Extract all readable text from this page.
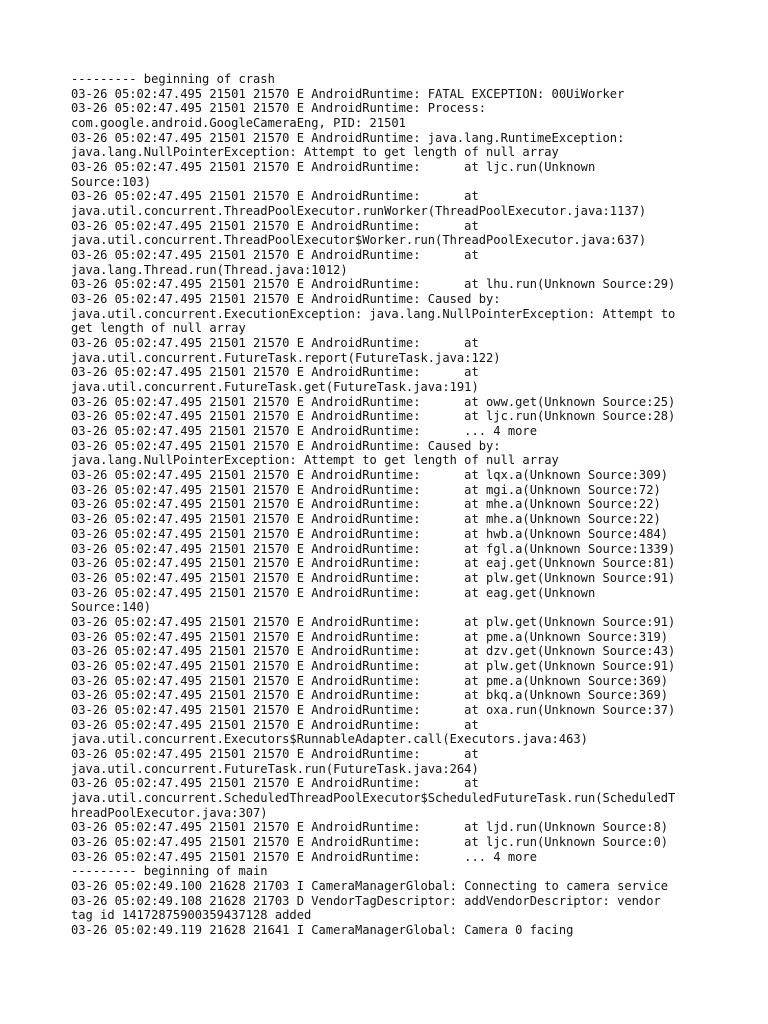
--------- beginning of crash
03-26 05:02:47.495 21501 21570 E AndroidRuntime: FATAL EXCEPTION: 00UiWorker
03-26 05:02:47.495 21501 21570 E AndroidRuntime: Process:
com.google.android.GoogleCameraEng, PID: 21501
03-26 05:02:47.495 21501 21570 E AndroidRuntime: java.lang.RuntimeException:
java.lang.NullPointerException: Attempt to get length of null array
03-26 05:02:47.495 21501 21570 E AndroidRuntime:      at ljc.run(Unknown
Source:103)
03-26 05:02:47.495 21501 21570 E AndroidRuntime:      at
java.util.concurrent.ThreadPoolExecutor.runWorker(ThreadPoolExecutor.java:1137)
03-26 05:02:47.495 21501 21570 E AndroidRuntime:      at
java.util.concurrent.ThreadPoolExecutor$Worker.run(ThreadPoolExecutor.java:637)
03-26 05:02:47.495 21501 21570 E AndroidRuntime:      at
java.lang.Thread.run(Thread.java:1012)
03-26 05:02:47.495 21501 21570 E AndroidRuntime:      at lhu.run(Unknown Source:29)
03-26 05:02:47.495 21501 21570 E AndroidRuntime: Caused by:
java.util.concurrent.ExecutionException: java.lang.NullPointerException: Attempt to
get length of null array
03-26 05:02:47.495 21501 21570 E AndroidRuntime:      at
java.util.concurrent.FutureTask.report(FutureTask.java:122)
03-26 05:02:47.495 21501 21570 E AndroidRuntime:      at
java.util.concurrent.FutureTask.get(FutureTask.java:191)
03-26 05:02:47.495 21501 21570 E AndroidRuntime:      at oww.get(Unknown Source:25)
03-26 05:02:47.495 21501 21570 E AndroidRuntime:      at ljc.run(Unknown Source:28)
03-26 05:02:47.495 21501 21570 E AndroidRuntime:      ... 4 more
03-26 05:02:47.495 21501 21570 E AndroidRuntime: Caused by:
java.lang.NullPointerException: Attempt to get length of null array
03-26 05:02:47.495 21501 21570 E AndroidRuntime:      at lqx.a(Unknown Source:309)
03-26 05:02:47.495 21501 21570 E AndroidRuntime:      at mgi.a(Unknown Source:72)
03-26 05:02:47.495 21501 21570 E AndroidRuntime:      at mhe.a(Unknown Source:22)
03-26 05:02:47.495 21501 21570 E AndroidRuntime:      at mhe.a(Unknown Source:22)
03-26 05:02:47.495 21501 21570 E AndroidRuntime:      at hwb.a(Unknown Source:484)
03-26 05:02:47.495 21501 21570 E AndroidRuntime:      at fgl.a(Unknown Source:1339)
03-26 05:02:47.495 21501 21570 E AndroidRuntime:      at eaj.get(Unknown Source:81)
03-26 05:02:47.495 21501 21570 E AndroidRuntime:      at plw.get(Unknown Source:91)
03-26 05:02:47.495 21501 21570 E AndroidRuntime:      at eag.get(Unknown
Source:140)
03-26 05:02:47.495 21501 21570 E AndroidRuntime:      at plw.get(Unknown Source:91)
03-26 05:02:47.495 21501 21570 E AndroidRuntime:      at pme.a(Unknown Source:319)
03-26 05:02:47.495 21501 21570 E AndroidRuntime:      at dzv.get(Unknown Source:43)
03-26 05:02:47.495 21501 21570 E AndroidRuntime:      at plw.get(Unknown Source:91)
03-26 05:02:47.495 21501 21570 E AndroidRuntime:      at pme.a(Unknown Source:369)
03-26 05:02:47.495 21501 21570 E AndroidRuntime:      at bkq.a(Unknown Source:369)
03-26 05:02:47.495 21501 21570 E AndroidRuntime:      at oxa.run(Unknown Source:37)
03-26 05:02:47.495 21501 21570 E AndroidRuntime:      at
java.util.concurrent.Executors$RunnableAdapter.call(Executors.java:463)
03-26 05:02:47.495 21501 21570 E AndroidRuntime:      at
java.util.concurrent.FutureTask.run(FutureTask.java:264)
03-26 05:02:47.495 21501 21570 E AndroidRuntime:      at
java.util.concurrent.ScheduledThreadPoolExecutor$ScheduledFutureTask.run(ScheduledT
hreadPoolExecutor.java:307)
03-26 05:02:47.495 21501 21570 E AndroidRuntime:      at ljd.run(Unknown Source:8)
03-26 05:02:47.495 21501 21570 E AndroidRuntime:      at ljc.run(Unknown Source:0)
03-26 05:02:47.495 21501 21570 E AndroidRuntime:      ... 4 more
--------- beginning of main
03-26 05:02:49.100 21628 21703 I CameraManagerGlobal: Connecting to camera service
03-26 05:02:49.108 21628 21703 D VendorTagDescriptor: addVendorDescriptor: vendor
tag id 14172875900359437128 added
03-26 05:02:49.119 21628 21641 I CameraManagerGlobal: Camera 0 facing
